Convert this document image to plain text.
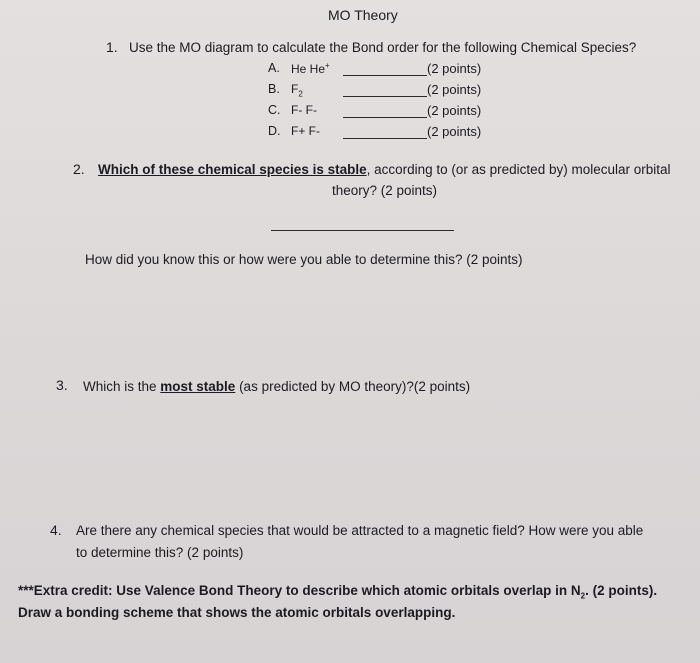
MO Theory
1. Use the MO diagram to calculate the Bond order for the following Chemical Species?
A. He He+	(2 points)
B. $F_2$	(2 points)
C. F- F-	(2 points)
D. F+ F-	(2 points)
2. Which of these chemical species is stable, according to (or as predicted by) molecular orbital
theory? (2 points)
How did you know this or how were you able to determine this? (2 points)
3. Which is the most stable (as predicted by MO theory)?(2 points)
4. Are there any chemical species that would be attracted to a magnetic field? How were you able
to determine this? (2 points)
***Extra credit: Use Valence Bond Theory to describe which atomic orbitals overlap in $N_2$. (2 points).
Draw a bonding scheme that shows the atomic orbitals overlapping.
